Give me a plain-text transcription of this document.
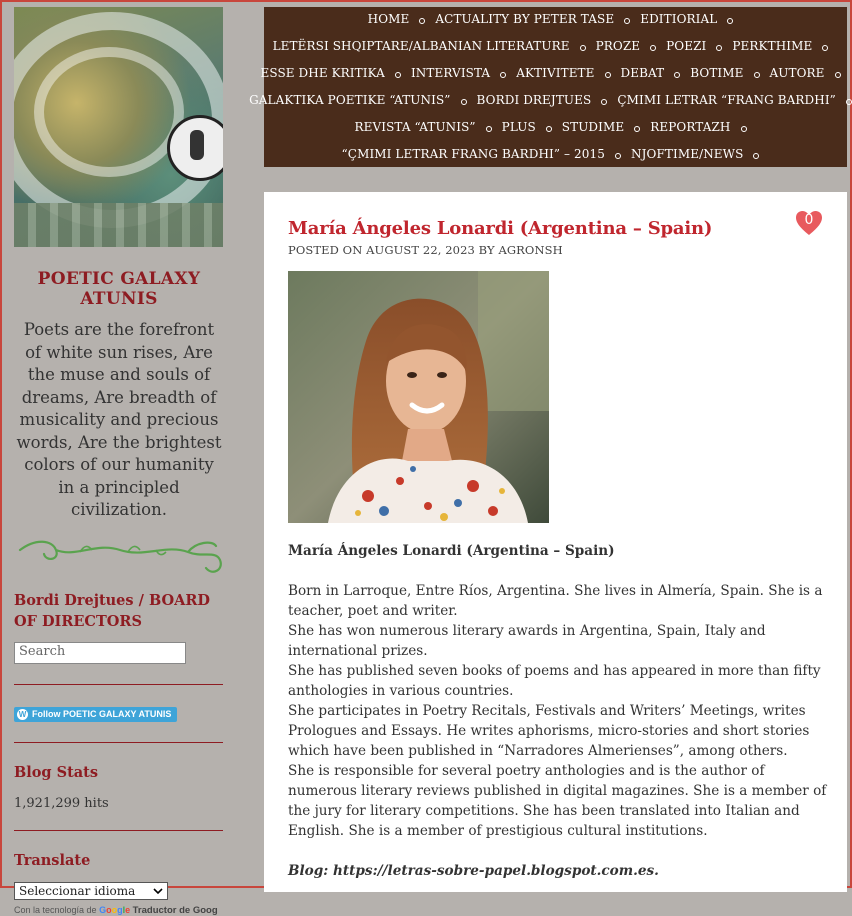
POETIC GALAXY ATUNIS

Poets are the forefront of white sun rises, Are the muse and souls of dreams, Are breadth of musicality and precious words, Are the brightest colors of our humanity in a principled civilization.

Bordi Drejtues / BOARD OF DIRECTORS
Search
W Follow POETIC GALAXY ATUNIS
Blog Stats
1,921,299 hits
Translate
Seleccionar idioma
Con la tecnología de Google Traductor de Goog
HOME ACTUALITY BY PETER TASE EDITIORIAL
LETËRSI SHQIPTARE/ALBANIAN LITERATURE PROZE POEZI PERKTHIME
ESSE DHE KRITIKA INTERVISTA AKTIVITETE DEBAT BOTIME AUTORE
GALAKTIKA POETIKE “ATUNIS” BORDI DREJTUES ÇMIMI LETRAR “FRANG BARDHI”
REVISTA “ATUNIS” PLUS STUDIME REPORTAZH
“ÇMIMI LETRAR FRANG BARDHI” – 2015 NJOFTIME/NEWS
María Ángeles Lonardi (Argentina – Spain)	0
POSTED ON AUGUST 22, 2023 BY AGRONSH

María Ángeles Lonardi (Argentina – Spain)

Born in Larroque, Entre Ríos, Argentina. She lives in Almería, Spain. She is a teacher, poet and writer.

She has won numerous literary awards in Argentina, Spain, Italy and international prizes.

She has published seven books of poems and has appeared in more than fifty anthologies in various countries.

She participates in Poetry Recitals, Festivals and Writers’ Meetings, writes Prologues and Essays. He writes aphorisms, micro-stories and short stories which have been published in “Narradores Almerienses”, among others.

She is responsible for several poetry anthologies and is the author of numerous literary reviews published in digital magazines. She is a member of the jury for literary competitions. She has been translated into Italian and English. She is a member of prestigious cultural institutions.

Blog: https://letras-sobre-papel.blogspot.com.es.
